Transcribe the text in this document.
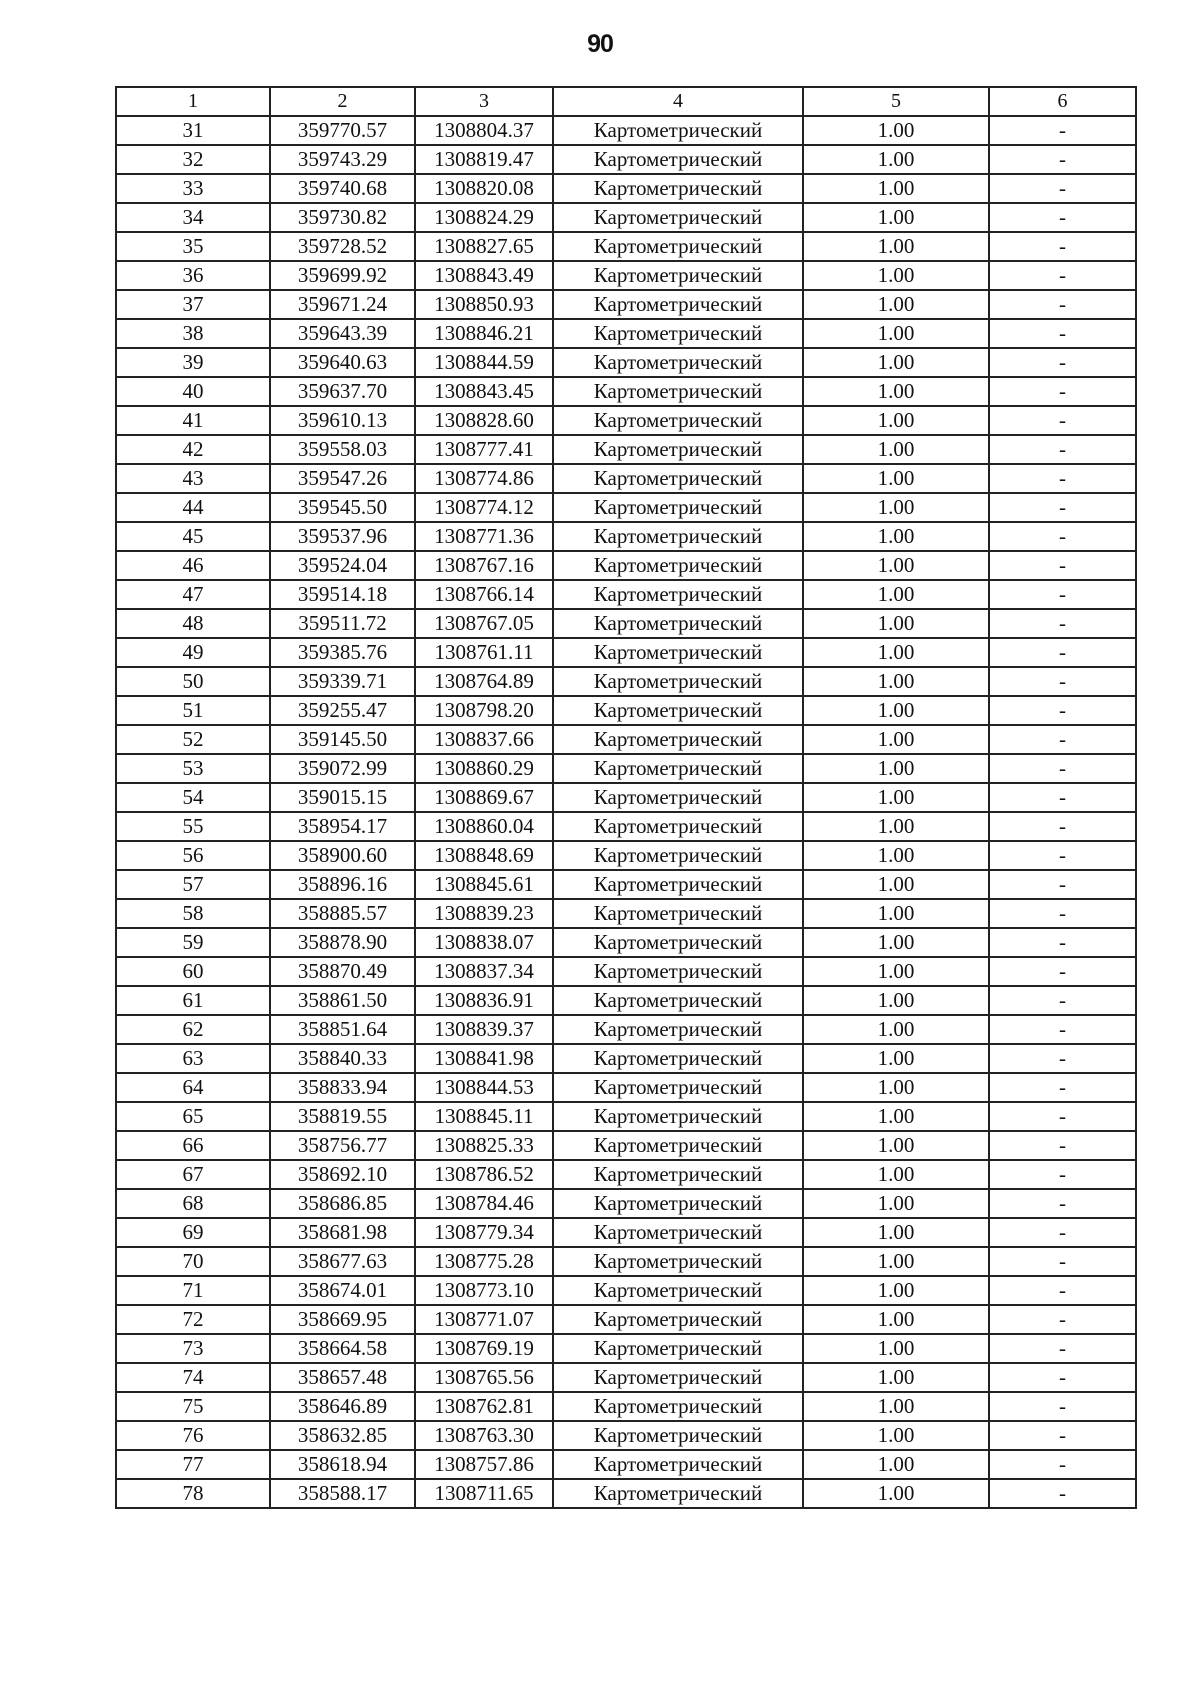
90
1	2	3	4	5	6
31	359770.57	1308804.37	Картометрический	1.00	-
32	359743.29	1308819.47	Картометрический	1.00	-
33	359740.68	1308820.08	Картометрический	1.00	-
34	359730.82	1308824.29	Картометрический	1.00	-
35	359728.52	1308827.65	Картометрический	1.00	-
36	359699.92	1308843.49	Картометрический	1.00	-
37	359671.24	1308850.93	Картометрический	1.00	-
38	359643.39	1308846.21	Картометрический	1.00	-
39	359640.63	1308844.59	Картометрический	1.00	-
40	359637.70	1308843.45	Картометрический	1.00	-
41	359610.13	1308828.60	Картометрический	1.00	-
42	359558.03	1308777.41	Картометрический	1.00	-
43	359547.26	1308774.86	Картометрический	1.00	-
44	359545.50	1308774.12	Картометрический	1.00	-
45	359537.96	1308771.36	Картометрический	1.00	-
46	359524.04	1308767.16	Картометрический	1.00	-
47	359514.18	1308766.14	Картометрический	1.00	-
48	359511.72	1308767.05	Картометрический	1.00	-
49	359385.76	1308761.11	Картометрический	1.00	-
50	359339.71	1308764.89	Картометрический	1.00	-
51	359255.47	1308798.20	Картометрический	1.00	-
52	359145.50	1308837.66	Картометрический	1.00	-
53	359072.99	1308860.29	Картометрический	1.00	-
54	359015.15	1308869.67	Картометрический	1.00	-
55	358954.17	1308860.04	Картометрический	1.00	-
56	358900.60	1308848.69	Картометрический	1.00	-
57	358896.16	1308845.61	Картометрический	1.00	-
58	358885.57	1308839.23	Картометрический	1.00	-
59	358878.90	1308838.07	Картометрический	1.00	-
60	358870.49	1308837.34	Картометрический	1.00	-
61	358861.50	1308836.91	Картометрический	1.00	-
62	358851.64	1308839.37	Картометрический	1.00	-
63	358840.33	1308841.98	Картометрический	1.00	-
64	358833.94	1308844.53	Картометрический	1.00	-
65	358819.55	1308845.11	Картометрический	1.00	-
66	358756.77	1308825.33	Картометрический	1.00	-
67	358692.10	1308786.52	Картометрический	1.00	-
68	358686.85	1308784.46	Картометрический	1.00	-
69	358681.98	1308779.34	Картометрический	1.00	-
70	358677.63	1308775.28	Картометрический	1.00	-
71	358674.01	1308773.10	Картометрический	1.00	-
72	358669.95	1308771.07	Картометрический	1.00	-
73	358664.58	1308769.19	Картометрический	1.00	-
74	358657.48	1308765.56	Картометрический	1.00	-
75	358646.89	1308762.81	Картометрический	1.00	-
76	358632.85	1308763.30	Картометрический	1.00	-
77	358618.94	1308757.86	Картометрический	1.00	-
78	358588.17	1308711.65	Картометрический	1.00	-
